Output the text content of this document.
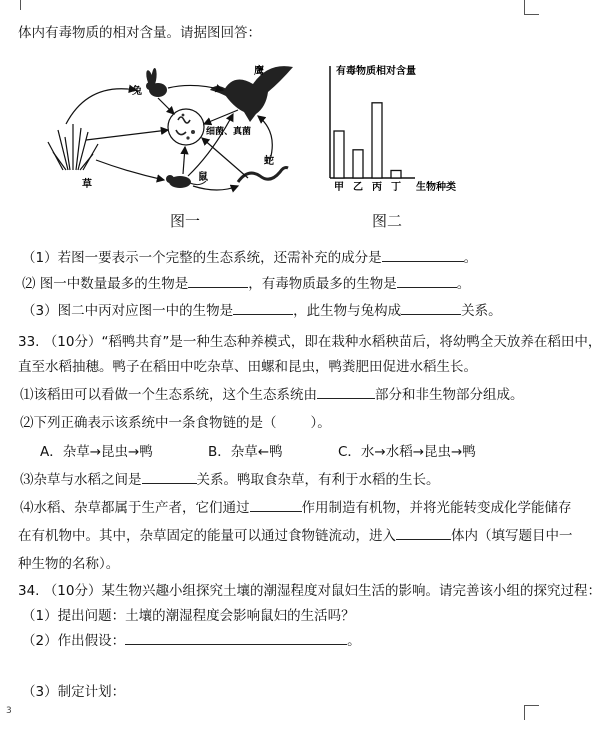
3
体内有毒物质的相对含量。请据图回答：
兔
鹰
细菌、真菌
草
鼠
蛇
图一
有毒物质相对含量
甲 乙 丙 丁 生物种类
图二
（1）若图一要表示一个完整的生态系统，还需补充的成分是	。
⑵ 图一中数量最多的生物是	，有毒物质最多的生物是	。
（3）图二中丙对应图一中的生物是	，此生物与兔构成	关系。
33. （10分）“稻鸭共育”是一种生态种养模式，即在栽种水稻秧苗后，将幼鸭全天放养在稻田中，
直至水稻抽穗。鸭子在稻田中吃杂草、田螺和昆虫，鸭粪肥田促进水稻生长。
⑴该稻田可以看做一个生态系统，这个生态系统由	部分和非生物部分组成。
⑵下列正确表示该系统中一条食物链的是（	）。
A．杂草→昆虫→鸭	B．杂草←鸭	C．水→水稻→昆虫→鸭
⑶杂草与水稻之间是	关系。鸭取食杂草，有利于水稻的生长。
⑷水稻、杂草都属于生产者，它们通过	作用制造有机物，并将光能转变成化学能储存
在有机物中。其中，杂草固定的能量可以通过食物链流动，进入	体内（填写题目中一
种生物的名称）。
34. （10分）某生物兴趣小组探究土壤的潮湿程度对鼠妇生活的影响。请完善该小组的探究过程：
（1）提出问题：土壤的潮湿程度会影响鼠妇的生活吗？
（2）作出假设：	。
（3）制定计划：
